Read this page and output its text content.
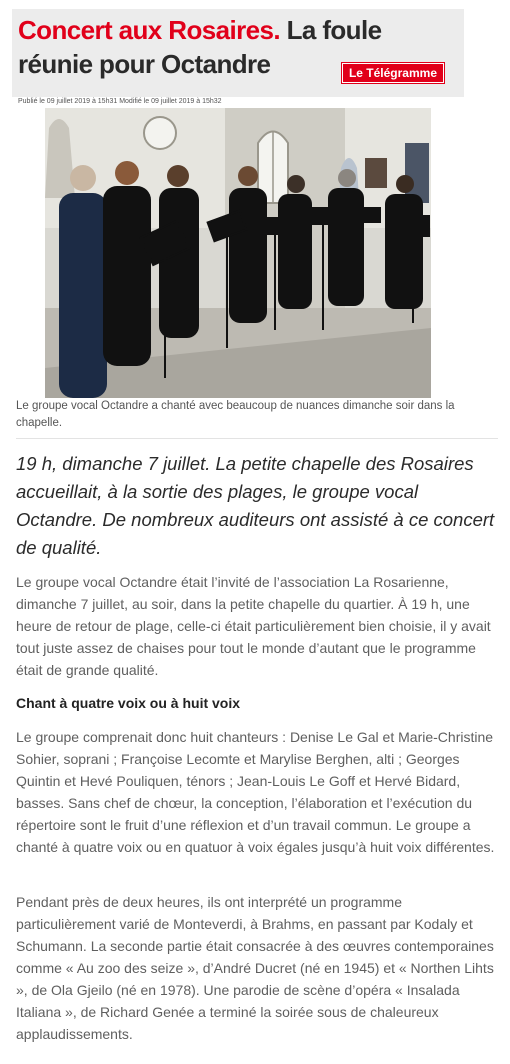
Concert aux Rosaires. La foule réunie pour Octandre	Le Télégramme
Publié le 09 juillet 2019 à 15h31 Modifié le 09 juillet 2019 à 15h32
Le groupe vocal Octandre a chanté avec beaucoup de nuances dimanche soir dans la chapelle.

19 h, dimanche 7 juillet. La petite chapelle des Rosaires accueillait, à la sortie des plages, le groupe vocal Octandre. De nombreux auditeurs ont assisté à ce concert de qualité.

Le groupe vocal Octandre était l’invité de l’association La Rosarienne, dimanche 7 juillet, au soir, dans la petite chapelle du quartier. À 19 h, une heure de retour de plage, celle-ci était particulièrement bien choisie, il y avait tout juste assez de chaises pour tout le monde d’autant que le programme était de grande qualité.

Chant à quatre voix ou à huit voix

Le groupe comprenait donc huit chanteurs : Denise Le Gal et Marie-Christine Sohier, soprani ; Françoise Lecomte et Marylise Berghen, alti ; Georges Quintin et Hevé Pouliquen, ténors ; Jean-Louis Le Goff et Hervé Bidard, basses. Sans chef de chœur, la conception, l’élaboration et l’exécution du répertoire sont le fruit d’une réflexion et d’un travail commun. Le groupe a chanté à quatre voix ou en quatuor à voix égales jusqu’à huit voix différentes.

Pendant près de deux heures, ils ont interprété un programme particulièrement varié de Monteverdi, à Brahms, en passant par Kodaly et Schumann. La seconde partie était consacrée à des œuvres contemporaines comme « Au zoo des seize », d’André Ducret (né en 1945) et « Northen Lihts », de Ola Gjeilo (né en 1978). Une parodie de scène d’opéra « Insalada Italiana », de Richard Genée a terminé la soirée sous de chaleureux applaudissements.
